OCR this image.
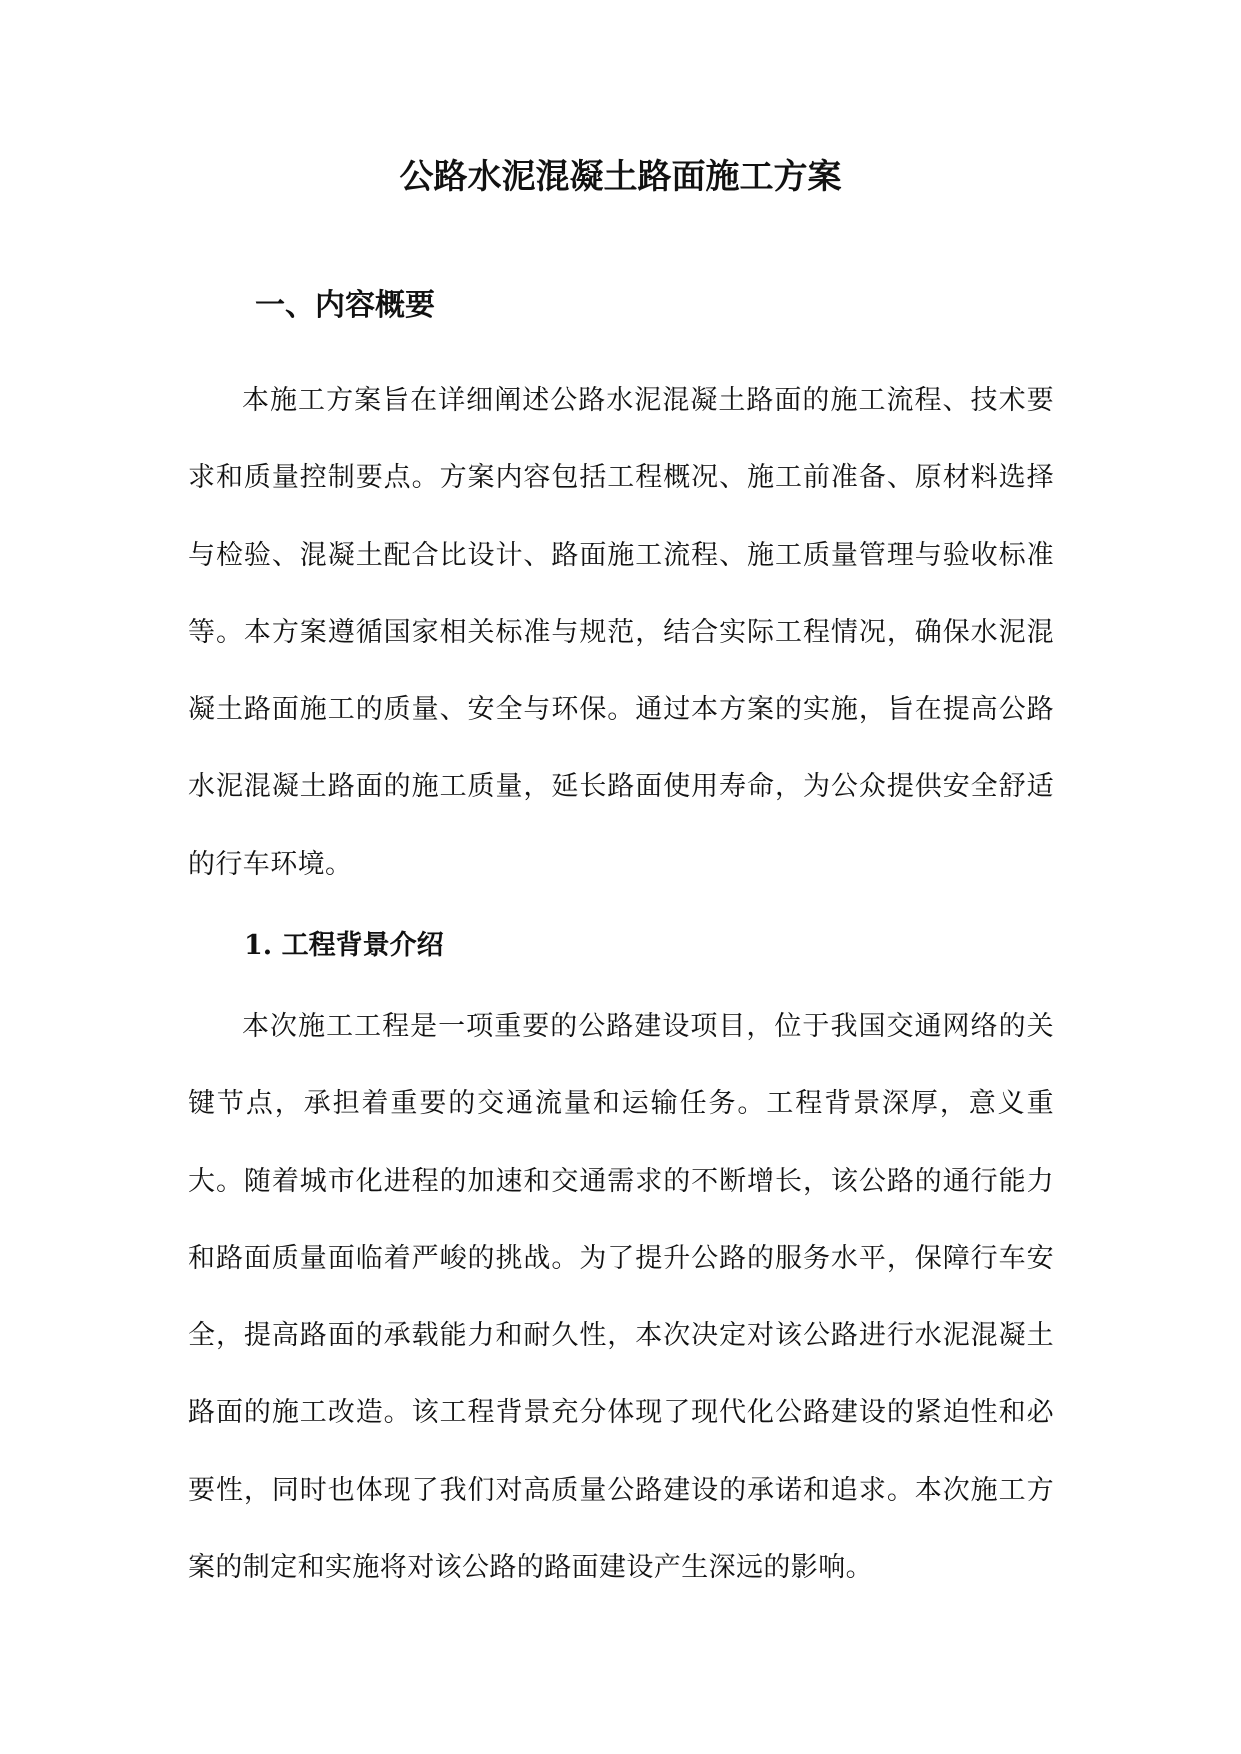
公路水泥混凝土路面施工方案
一、内容概要

本施工方案旨在详细阐述公路水泥混凝土路面的施工流程、技术要求和质量控制要点。方案内容包括工程概况、施工前准备、原材料选择与检验、混凝土配合比设计、路面施工流程、施工质量管理与验收标准等。本方案遵循国家相关标准与规范，结合实际工程情况，确保水泥混凝土路面施工的质量、安全与环保。通过本方案的实施，旨在提高公路水泥混凝土路面的施工质量，延长路面使用寿命，为公众提供安全舒适的行车环境。

1. 工程背景介绍

本次施工工程是一项重要的公路建设项目，位于我国交通网络的关键节点，承担着重要的交通流量和运输任务。工程背景深厚，意义重大。随着城市化进程的加速和交通需求的不断增长，该公路的通行能力和路面质量面临着严峻的挑战。为了提升公路的服务水平，保障行车安全，提高路面的承载能力和耐久性，本次决定对该公路进行水泥混凝土路面的施工改造。该工程背景充分体现了现代化公路建设的紧迫性和必要性，同时也体现了我们对高质量公路建设的承诺和追求。本次施工方案的制定和实施将对该公路的路面建设产生深远的影响。
